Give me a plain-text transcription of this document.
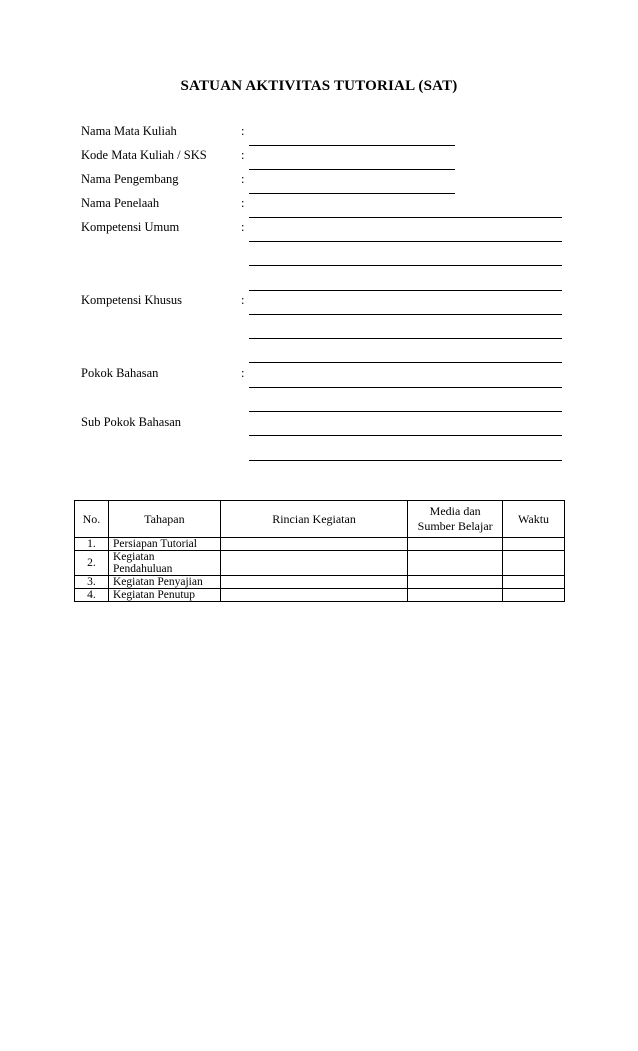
SATUAN AKTIVITAS TUTORIAL (SAT)
Nama Mata Kuliah	:
Kode Mata Kuliah / SKS	:
Nama Pengembang	:
Nama Penelaah	:
Kompetensi Umum	:
Kompetensi Khusus	:
Pokok Bahasan	:
Sub Pokok Bahasan
No.	Tahapan	Rincian Kegiatan	Media dan
Sumber Belajar	Waktu
1.	Persiapan Tutorial			
2.	Kegiatan Pendahuluan			
3.	Kegiatan Penyajian			
4.	Kegiatan Penutup			
